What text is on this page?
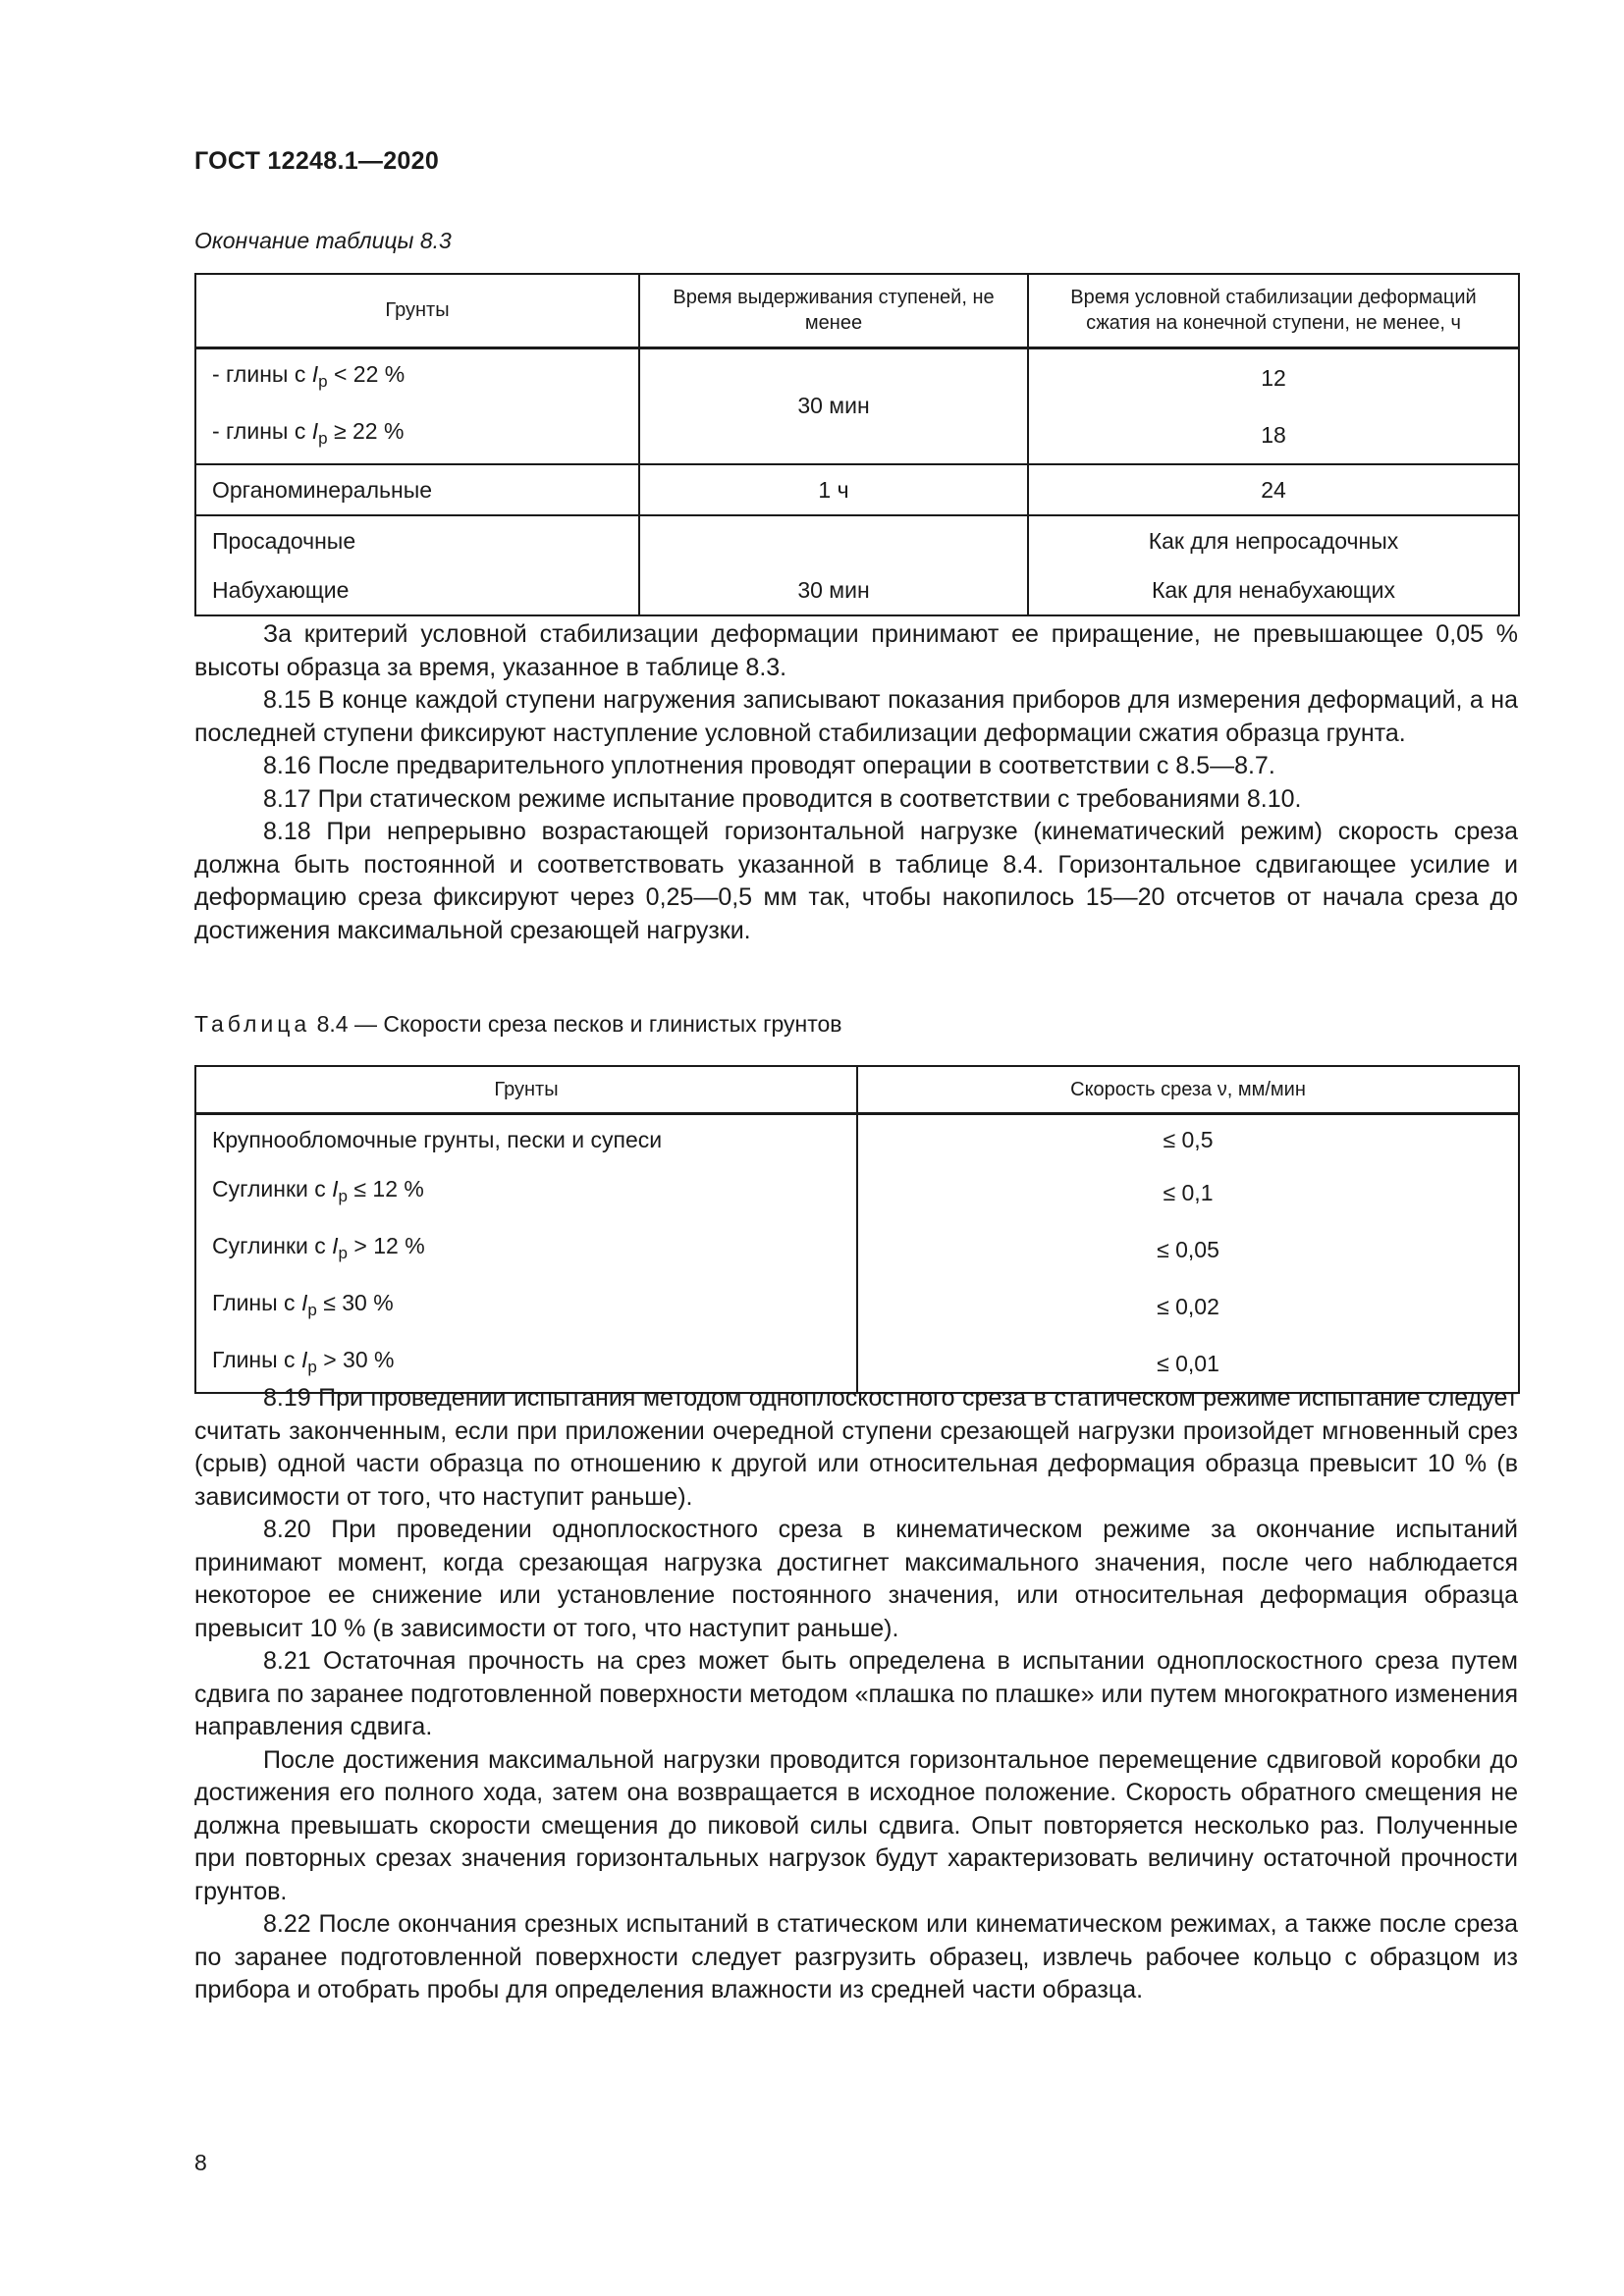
ГОСТ 12248.1—2020
Окончание таблицы 8.3
Грунты	Время выдерживания ступеней, не менее	Время условной стабилизации деформаций сжатия на конечной ступени, не менее, ч
- глины с $I_p < 22$ %	30 мин	12
- глины с $I_p \ge 22$ %		18
Органоминеральные	1 ч	24
Просадочные		Как для непросадочных
Набухающие	30 мин	Как для ненабухающих

За критерий условной стабилизации деформации принимают ее приращение, не превышающее 0,05 % высоты образца за время, указанное в таблице 8.3.

8.15 В конце каждой ступени нагружения записывают показания приборов для измерения деформаций, а на последней ступени фиксируют наступление условной стабилизации деформации сжатия образца грунта.

8.16 После предварительного уплотнения проводят операции в соответствии с 8.5—8.7.

8.17 При статическом режиме испытание проводится в соответствии с требованиями 8.10.

8.18 При непрерывно возрастающей горизонтальной нагрузке (кинематический режим) скорость среза должна быть постоянной и соответствовать указанной в таблице 8.4. Горизонтальное сдвигающее усилие и деформацию среза фиксируют через 0,25—0,5 мм так, чтобы накопилось 15—20 отсчетов от начала среза до достижения максимальной срезающей нагрузки.

Таблица 8.4 — Скорости среза песков и глинистых грунтов
Грунты	Скорость среза ν, мм/мин
Крупнообломочные грунты, пески и супеси	≤ 0,5
Суглинки с $I_p \le 12$ %	≤ 0,1
Суглинки с $I_p > 12$ %	≤ 0,05
Глины с $I_p \le 30$ %	≤ 0,02
Глины с $I_p > 30$ %	≤ 0,01

8.19 При проведении испытания методом одноплоскостного среза в статическом режиме испытание следует считать законченным, если при приложении очередной ступени срезающей нагрузки произойдет мгновенный срез (срыв) одной части образца по отношению к другой или относительная деформация образца превысит 10 % (в зависимости от того, что наступит раньше).

8.20 При проведении одноплоскостного среза в кинематическом режиме за окончание испытаний принимают момент, когда срезающая нагрузка достигнет максимального значения, после чего наблюдается некоторое ее снижение или установление постоянного значения, или относительная деформация образца превысит 10 % (в зависимости от того, что наступит раньше).

8.21 Остаточная прочность на срез может быть определена в испытании одноплоскостного среза путем сдвига по заранее подготовленной поверхности методом «плашка по плашке» или путем многократного изменения направления сдвига.

После достижения максимальной нагрузки проводится горизонтальное перемещение сдвиговой коробки до достижения его полного хода, затем она возвращается в исходное положение. Скорость обратного смещения не должна превышать скорости смещения до пиковой силы сдвига. Опыт повторяется несколько раз. Полученные при повторных срезах значения горизонтальных нагрузок будут характеризовать величину остаточной прочности грунтов.

8.22 После окончания срезных испытаний в статическом или кинематическом режимах, а также после среза по заранее подготовленной поверхности следует разгрузить образец, извлечь рабочее кольцо с образцом из прибора и отобрать пробы для определения влажности из средней части образца.

8
